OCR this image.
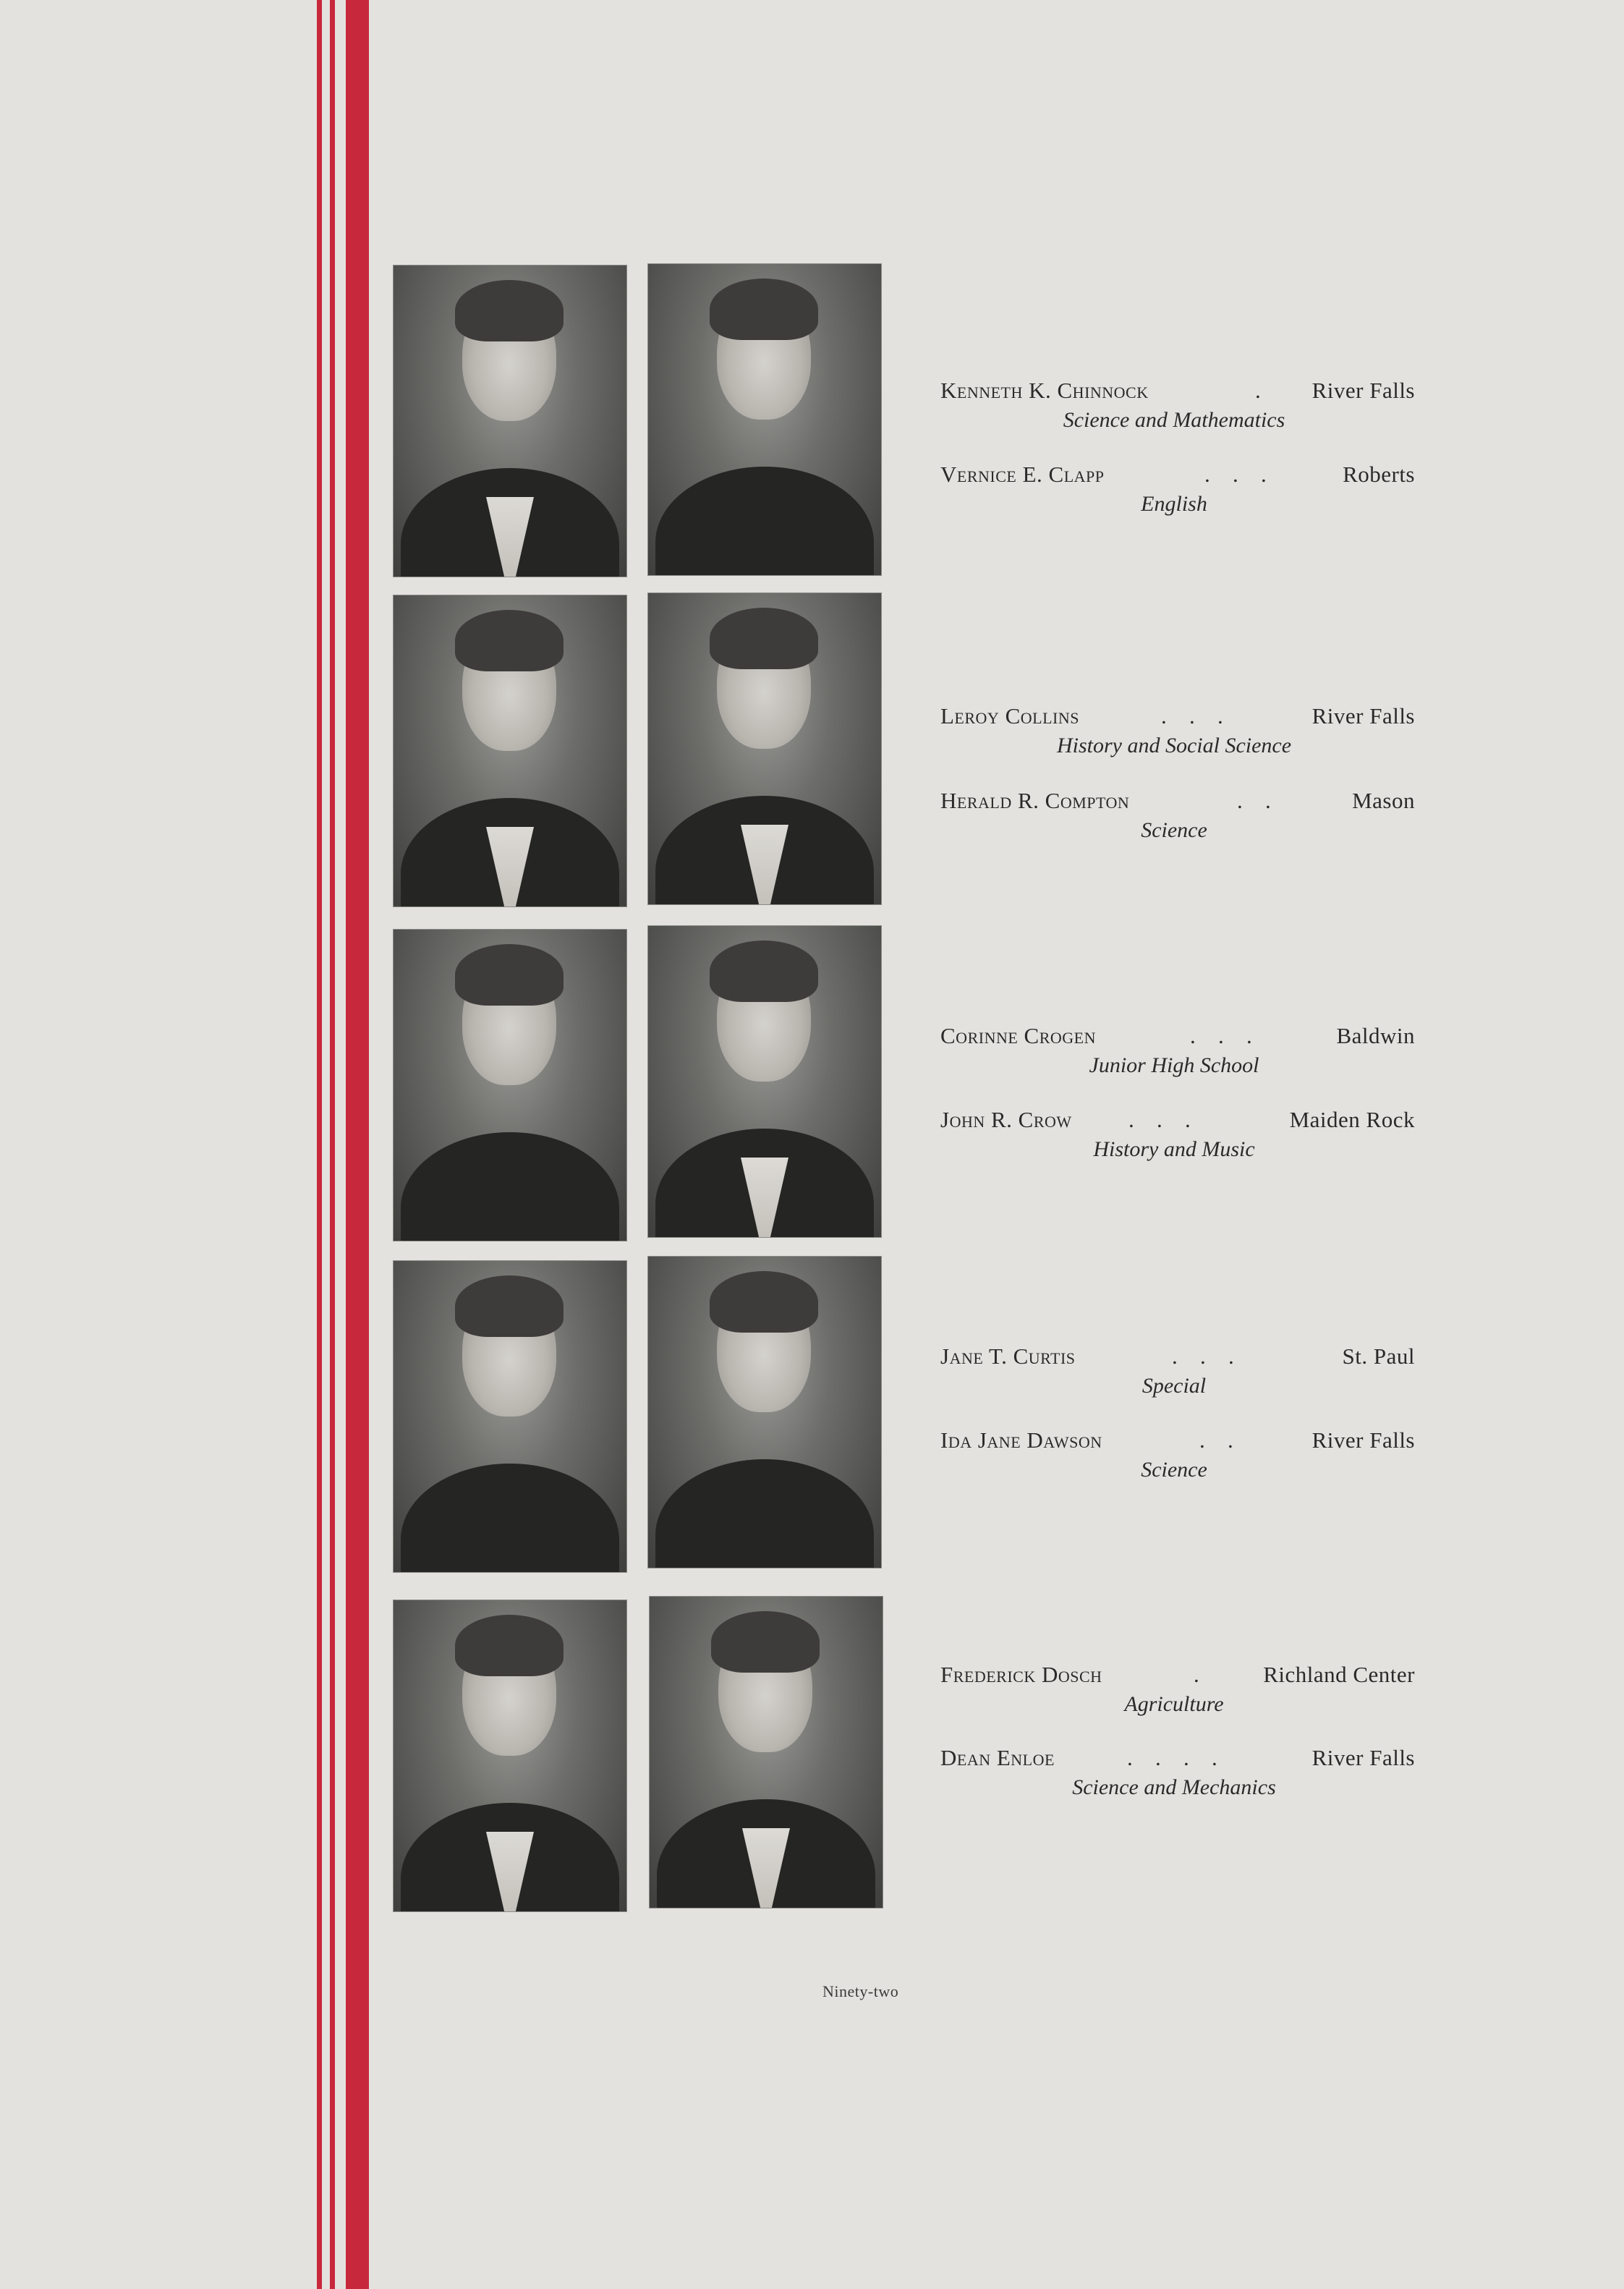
Kenneth K. Chinnock	. River Falls
Science and Mathematics
Vernice E. Clapp	.   .   .	Roberts
English
Leroy Collins	.   .   .	River Falls
History and Social Science
Herald R. Compton	.   .	Mason
Science
Corinne Crogen	.   .   .	Baldwin
Junior High School
John R. Crow	.   .   .	Maiden Rock
History and Music
Jane T. Curtis	.   .   .	St. Paul
Special
Ida Jane Dawson	.   .	River Falls
Science
Frederick Dosch	.	Richland Center
Agriculture
Dean Enloe	.   .   .   .	River Falls
Science and Mechanics
Ninety-two
